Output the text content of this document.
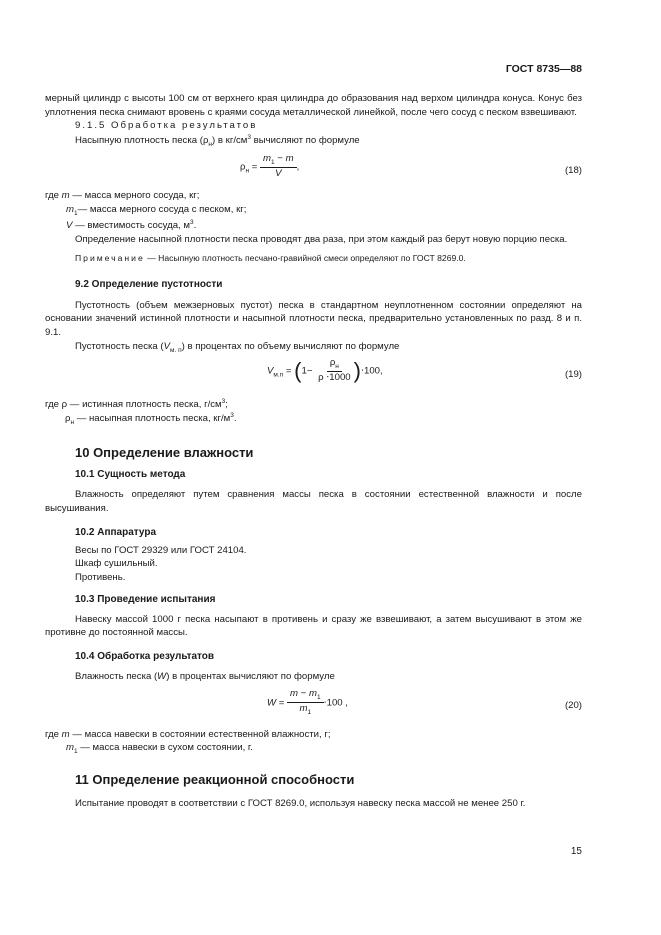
ГОСТ 8735—88

мерный цилиндр с высоты 100 см от верхнего края цилиндра до образования над верхом цилиндра конуса. Конус без уплотнения песка снимают вровень с краями сосуда металлической линейкой, после чего сосуд с песком взвешивают.

9.1.5 Обработка результатов

Насыпную плотность песка $(\rho_н)$ в $кг/см^3$ вычисляют по формуле

$\rho_н = \frac{m_1 - m}{V}$ ,	(18)
где m — масса мерного сосуда, кг;
$m_1—$ масса мерного сосуда с песком, кг;
V — вместимость сосуда, $м^3$.

Определение насыпной плотности песка проводят два раза, при этом каждый раз берут новую порцию песка.

Примечание — Насыпную плотность песчано-гравийной смеси определяют по ГОСТ 8269.0.

9.2 Определение пустотности

Пустотность (объем межзерновых пустот) песка в стандартном неуплотненном состоянии определяют на основании значений истинной плотности и насыпной плотности песка, предварительно установленных по разд. 8 и п. 9.1.

Пустотность песка $(V_{м. п})$ в процентах по объему вычисляют по формуле

$V_{м.п} = (1- \frac{\rho_н}{\rho \cdot 1000} )\cdot 100$,	(19)
где ρ — истинная плотность песка, $г/см^3$;
$\rho_н$ — насыпная плотность песка, $кг/м^3$.

10 Определение влажности

10.1 Сущность метода

Влажность определяют путем сравнения массы песка в состоянии естественной влажности и после высушивания.

10.2 Аппаратура

Весы по ГОСТ 29329 или ГОСТ 24104.

Шкаф сушильный.

Противень.

10.3 Проведение испытания

Навеску массой 1000 г песка насыпают в противень и сразу же взвешивают, а затем высушивают в этом же противне до постоянной массы.

10.4 Обработка результатов

Влажность песка (W) в процентах вычисляют по формуле

$W = \frac{m - m_1}{m_1} \cdot 100$ ,	(20)
где m — масса навески в состоянии естественной влажности, г;
$m_1$ — масса навески в сухом состоянии, г.

11 Определение реакционной способности

Испытание проводят в соответствии с ГОСТ 8269.0, используя навеску песка массой не менее 250 г.

15
